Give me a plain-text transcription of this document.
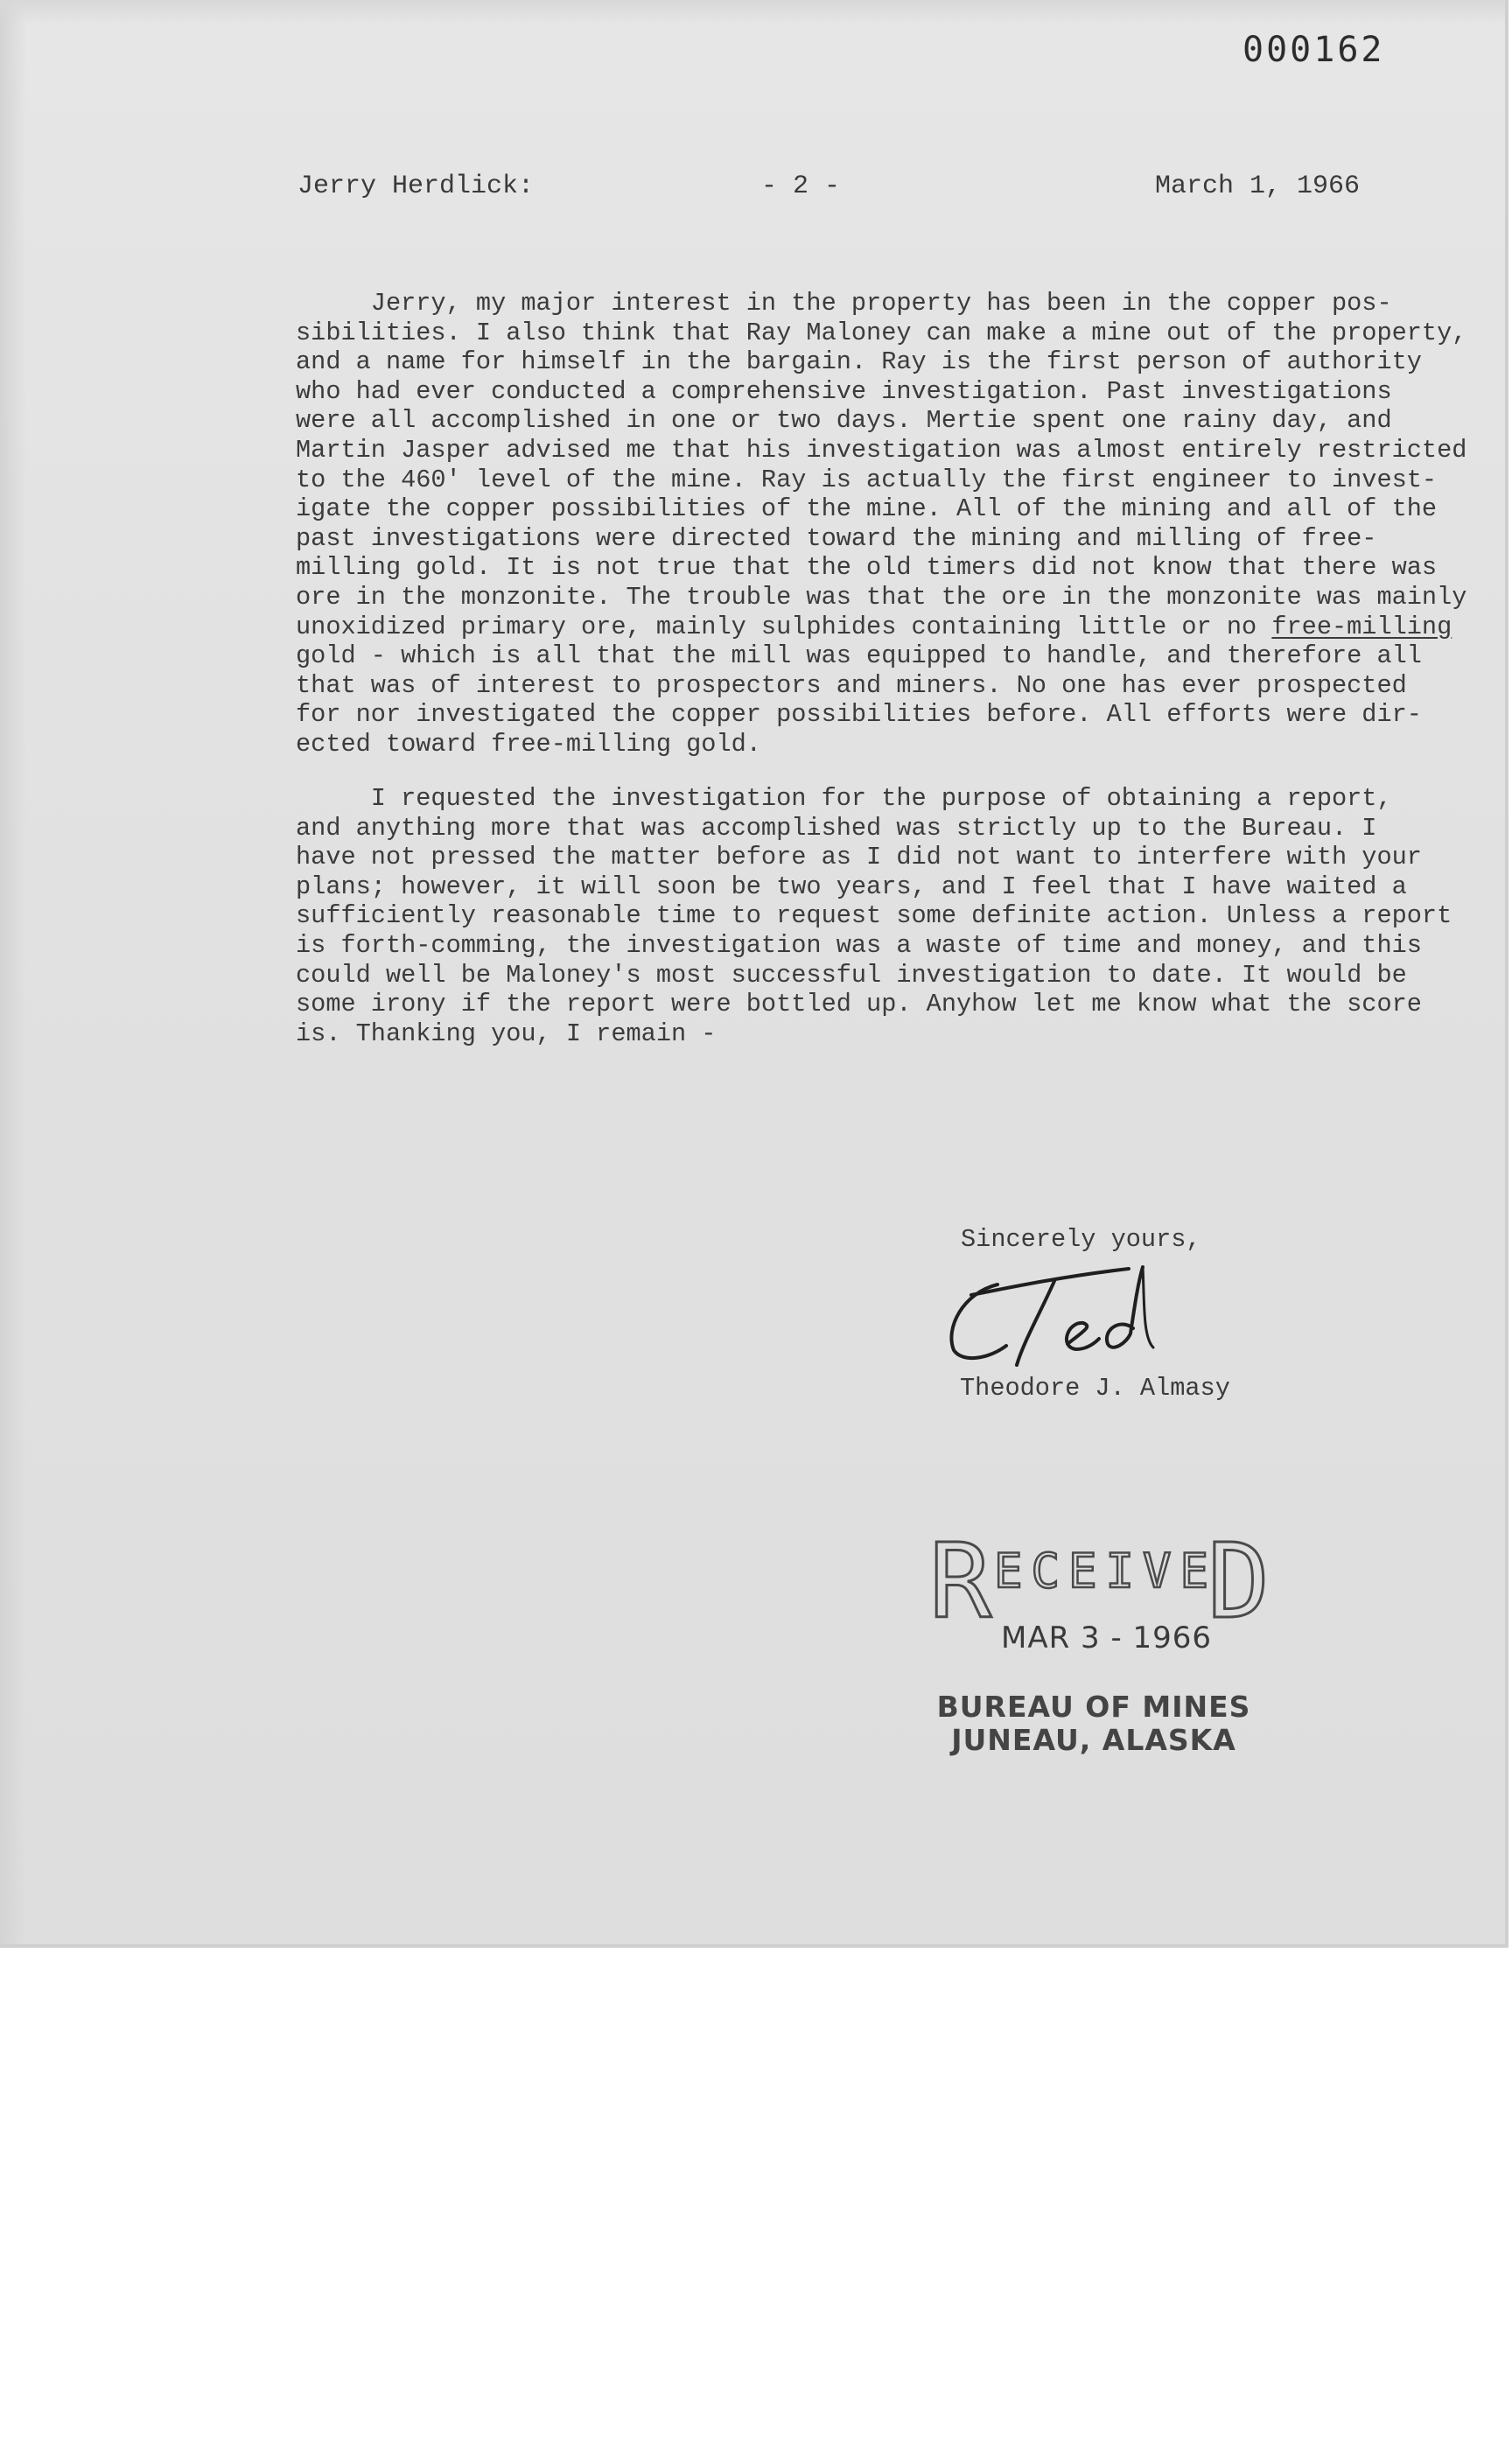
000162
Jerry Herdlick:	- 2 -	March 1, 1966
Jerry, my major interest in the property has been in the copper pos-
sibilities. I also think that Ray Maloney can make a mine out of the property,
and a name for himself in the bargain. Ray is the first person of authority
who had ever conducted a comprehensive investigation. Past investigations
were all accomplished in one or two days. Mertie spent one rainy day, and
Martin Jasper advised me that his investigation was almost entirely restricted
to the 460' level of the mine. Ray is actually the first engineer to invest-
igate the copper possibilities of the mine. All of the mining and all of the
past investigations were directed toward the mining and milling of free-
milling gold. It is not true that the old timers did not know that there was
ore in the monzonite. The trouble was that the ore in the monzonite was mainly
unoxidized primary ore, mainly sulphides containing little or no free-milling
gold - which is all that the mill was equipped to handle, and therefore all
that was of interest to prospectors and miners. No one has ever prospected
for nor investigated the copper possibilities before. All efforts were dir-
ected toward free-milling gold.
I requested the investigation for the purpose of obtaining a report,
and anything more that was accomplished was strictly up to the Bureau. I
have not pressed the matter before as I did not want to interfere with your
plans; however, it will soon be two years, and I feel that I have waited a
sufficiently reasonable time to request some definite action. Unless a report
is forth-comming, the investigation was a waste of time and money, and this
could well be Maloney's most successful investigation to date. It would be
some irony if the report were bottled up. Anyhow let me know what the score
is. Thanking you, I remain -
Sincerely yours,
Theodore J. Almasy
R ECEIVE
D
MAR 3 - 1966
BUREAU OF MINES
JUNEAU, ALASKA
